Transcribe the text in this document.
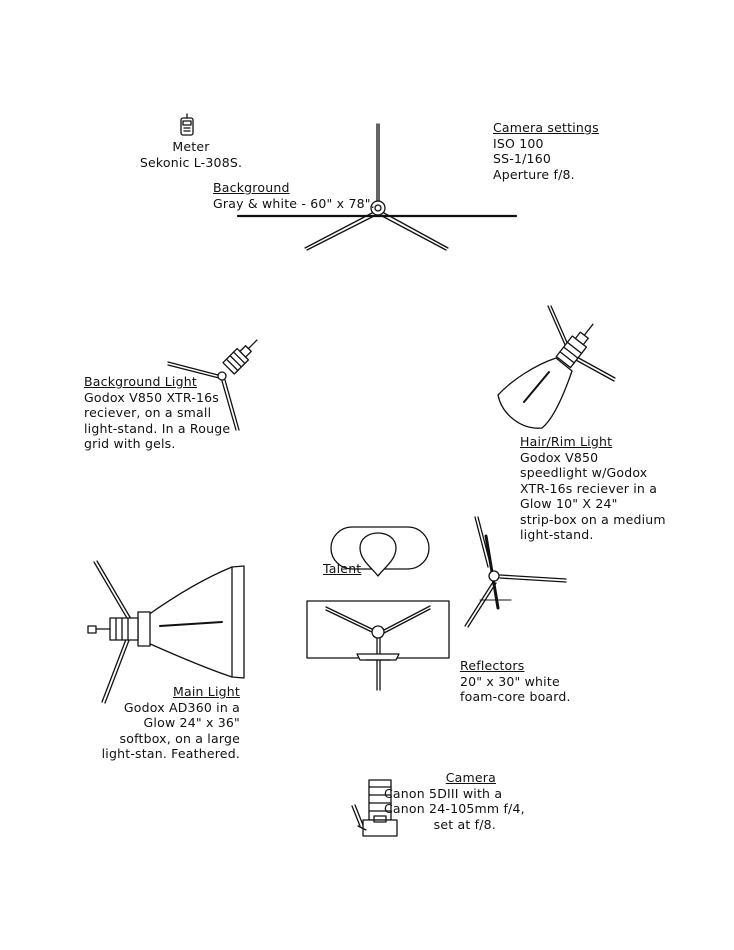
Meter
Sekonic L-308S.
Background
Gray & white - 60" x 78".
Camera settings
ISO 100
SS-1/160
Aperture f/8.
Background Light
Godox V850 XTR-16s
reciever, on a small
light-stand. In a Rouge
grid with gels.	Hair/Rim Light
Godox V850
speedlight w/Godox
XTR-16s reciever in a
Glow 10" X 24"
strip-box on a medium
light-stand.
Talent
Reflectors
20" x 30" white
foam-core board.
Main Light
Godox AD360 in a
Glow 24" x 36"
softbox, on a large
light-stan. Feathered.
Camera
Canon 5DIII with a
Canon 24-105mm f/4,
set at f/8.
